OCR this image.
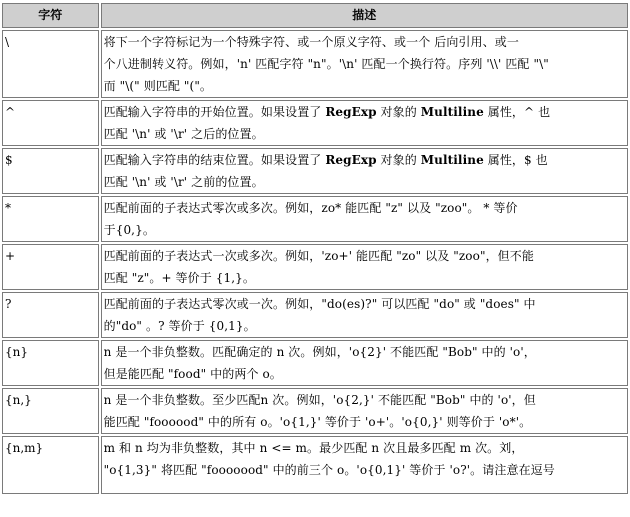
字符	描述
\	将下一个字符标记为一个特殊字符、或一个原义字符、或一个 后向引用、或一
个八进制转义符。例如，'n' 匹配字符 "n"。'\n' 匹配一个换行符。序列 '\\' 匹配 "\"
而 "\(" 则匹配 "("。

^	匹配输入字符串的开始位置。如果设置了 RegExp 对象的 Multiline 属性，^ 也
匹配 '\n' 或 '\r' 之后的位置。

$	匹配输入字符串的结束位置。如果设置了 RegExp 对象的 Multiline 属性，$ 也
匹配 '\n' 或 '\r' 之前的位置。

*	匹配前面的子表达式零次或多次。例如，zo* 能匹配 "z" 以及 "zoo"。 * 等价
于{0,}。

+	匹配前面的子表达式一次或多次。例如，'zo+' 能匹配 "zo" 以及 "zoo"，但不能
匹配 "z"。+ 等价于 {1,}。

?	匹配前面的子表达式零次或一次。例如，"do(es)?" 可以匹配 "do" 或 "does" 中
的"do" 。? 等价于 {0,1}。

{n}	n 是一个非负整数。匹配确定的 n 次。例如，'o{2}' 不能匹配 "Bob" 中的 'o'，
但是能匹配 "food" 中的两个 o。

{n,}	n 是一个非负整数。至少匹配n 次。例如，'o{2,}' 不能匹配 "Bob" 中的 'o'，但
能匹配 "foooood" 中的所有 o。'o{1,}' 等价于 'o+'。'o{0,}' 则等价于 'o*'。

{n,m}	m 和 n 均为非负整数，其中 n <= m。最少匹配 n 次且最多匹配 m 次。刘，
"o{1,3}" 将匹配 "fooooood" 中的前三个 o。'o{0,1}' 等价于 'o?'。请注意在逗号
